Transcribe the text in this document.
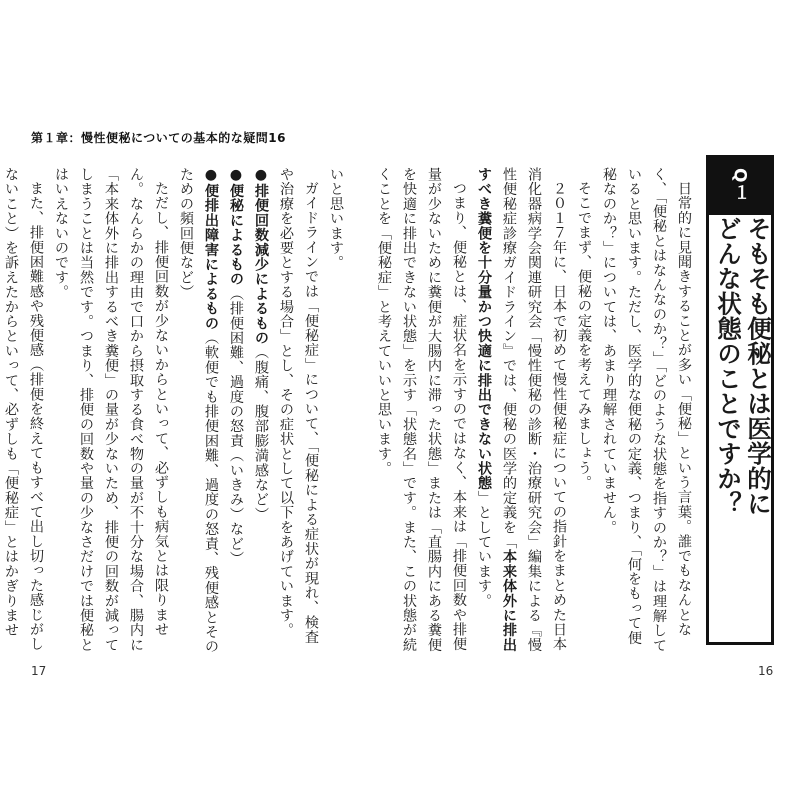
第１章：慢性便秘についての基本的な疑問16

いと思います。

ガイドラインでは「便秘症」について、「便秘による症状が現れ、検査や治療を必要とする場合」とし、その症状として以下をあげています。

●排便回数減少によるもの（腹痛、腹部膨満感など）

●便秘によるもの（排便困難、過度の怒責（いきみ）など）

●便排出障害によるもの（軟便でも排便困難、過度の怒責、残便感とそのための頻回便など）

ただし、排便回数が少ないからといって、必ずしも病気とは限りません。なんらかの理由で口から摂取する食べ物の量が不十分な場合、腸内に「本来体外に排出するべき糞便」の量が少ないため、排便の回数が減ってしまうことは当然です。つまり、排便の回数や量の少なさだけでは便秘とはいえないのです。

また、排便困難感や残便感（排便を終えてもすべて出し切った感じがしないこと）を訴えたからといって、必ずしも「便秘症」とはかぎりませ

17

日常的に見聞きすることが多い「便秘」という言葉。誰でもなんとなく、「便秘とはなんなのか？」「どのような状態を指すのか？」は理解していると思います。ただし、医学的な便秘の定義、つまり、「何をもって便秘なのか？」については、あまり理解されていません。

そこでまず、便秘の定義を考えてみましょう。

２０１７年に、日本で初めて慢性便秘症についての指針をまとめた日本消化器病学会関連研究会「慢性便秘の診断・治療研究会」編集による『慢性便秘症診療ガイドライン』では、便秘の医学的定義を「本来体外に排出すべき糞便を十分量かつ快適に排出できない状態」としています。

つまり、便秘とは、症状名を示すのではなく、本来は「排便回数や排便量が少ないために糞便が大腸内に滞った状態」または「直腸内にある糞便を快適に排出できない状態」を示す「状態名」です。また、この状態が続くことを「便秘症」と考えていいと思います。	Q１
そもそも便秘とは医学的に
どんな状態のことですか？
16
